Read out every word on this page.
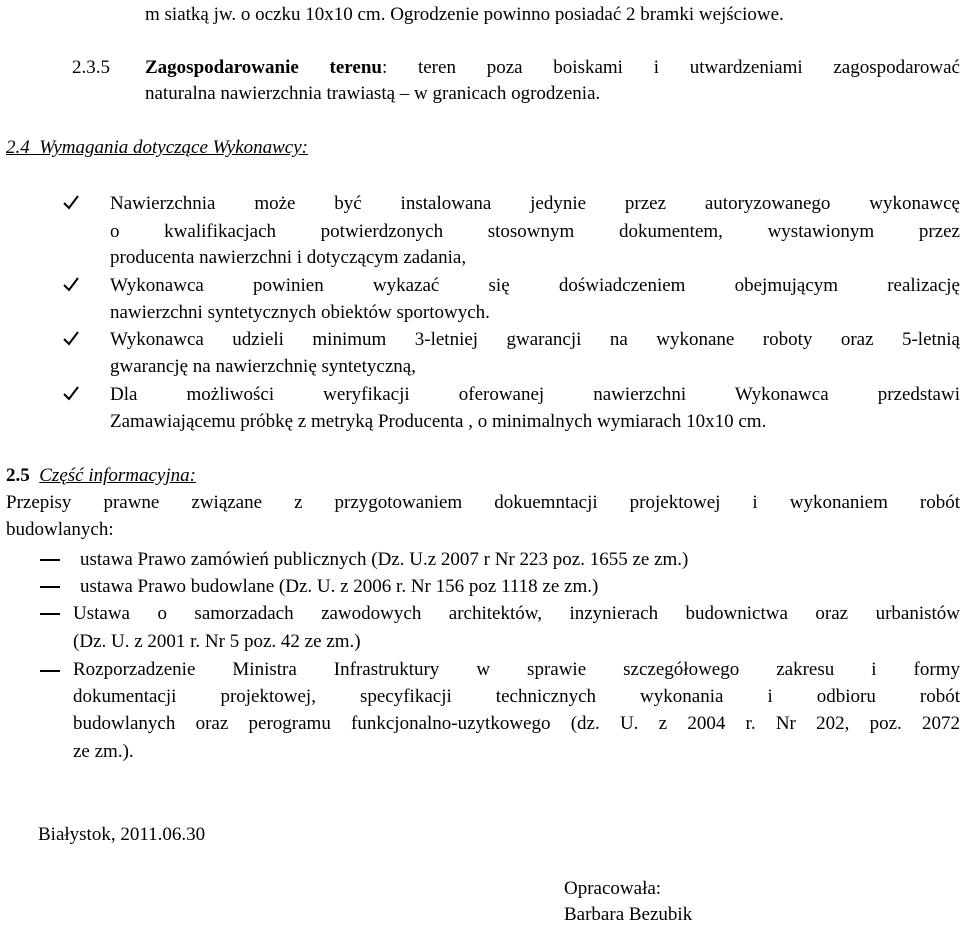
m siatką jw. o oczku 10x10 cm. Ogrodzenie powinno posiadać 2 bramki wejściowe.
2.3.5 Zagospodarowanie terenu: teren poza boiskami i utwardzeniami zagospodarować
naturalna nawierzchnia trawiastą – w granicach ogrodzenia.
2.4 Wymagania dotyczące Wykonawcy:
Nawierzchnia może być instalowana jedynie przez autoryzowanego wykonawcę
o kwalifikacjach potwierdzonych stosownym dokumentem, wystawionym przez
producenta nawierzchni i dotyczącym zadania,
Wykonawca powinien wykazać się doświadczeniem obejmującym realizację
nawierzchni syntetycznych obiektów sportowych.
Wykonawca udzieli minimum 3-letniej gwarancji na wykonane roboty oraz 5-letnią
gwarancję na nawierzchnię syntetyczną,
Dla możliwości weryfikacji oferowanej nawierzchni Wykonawca przedstawi
Zamawiającemu próbkę z metryką Producenta , o minimalnych wymiarach 10x10 cm.
2.5 Część informacyjna:
Przepisy prawne związane z przygotowaniem dokuemntacji projektowej i wykonaniem robót
budowlanych:
ustawa Prawo zamówień publicznych (Dz. U.z 2007 r Nr 223 poz. 1655 ze zm.)
ustawa Prawo budowlane (Dz. U. z 2006 r. Nr 156 poz 1118 ze zm.)
Ustawa o samorzadach zawodowych architektów, inzynierach budownictwa oraz urbanistów
(Dz. U. z 2001 r. Nr 5 poz. 42 ze zm.)
Rozporzadzenie Ministra Infrastruktury w sprawie szczegółowego zakresu i formy
dokumentacji projektowej, specyfikacji technicznych wykonania i odbioru robót
budowlanych oraz perogramu funkcjonalno-uzytkowego (dz. U. z 2004 r. Nr 202, poz. 2072
ze zm.).
Białystok, 2011.06.30
Opracowała:
Barbara Bezubik
